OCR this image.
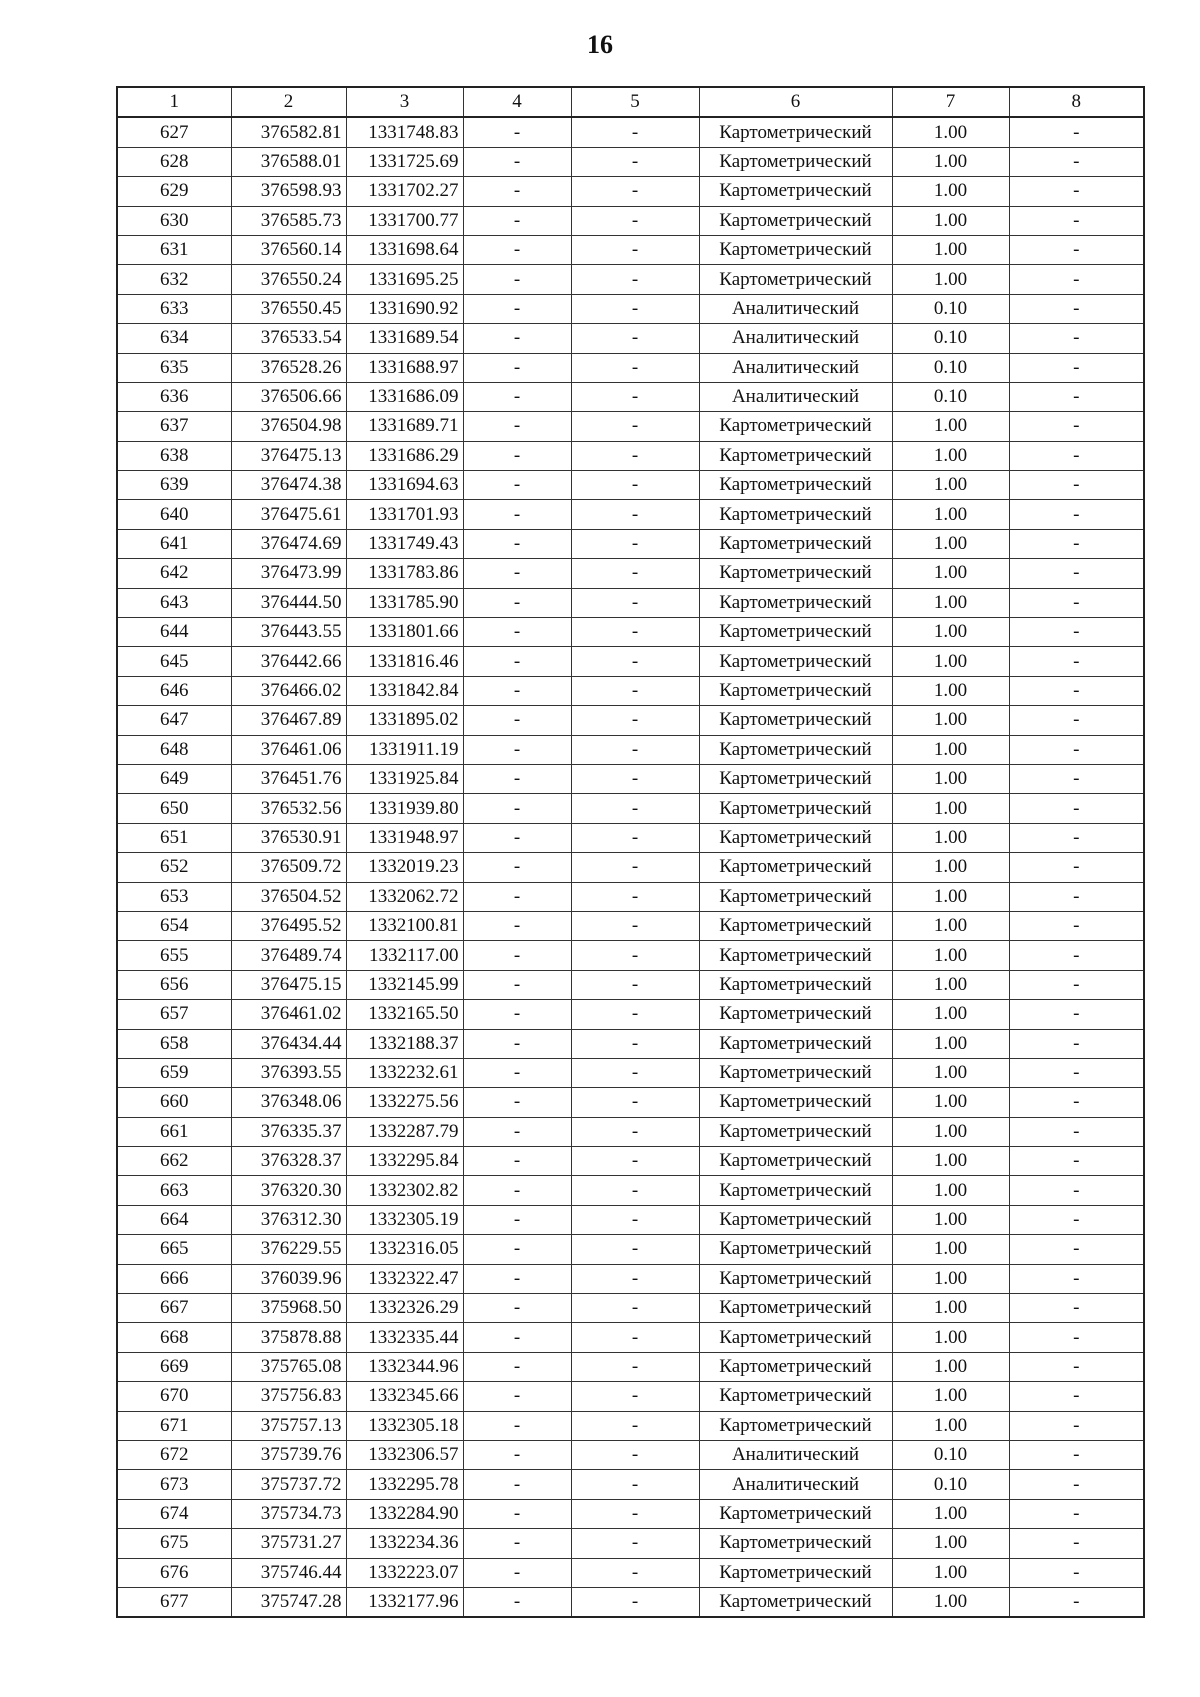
16
1	2	3	4	5	6	7	8
627	376582.81	1331748.83	-	-	Картометрический	1.00	-
628	376588.01	1331725.69	-	-	Картометрический	1.00	-
629	376598.93	1331702.27	-	-	Картометрический	1.00	-
630	376585.73	1331700.77	-	-	Картометрический	1.00	-
631	376560.14	1331698.64	-	-	Картометрический	1.00	-
632	376550.24	1331695.25	-	-	Картометрический	1.00	-
633	376550.45	1331690.92	-	-	Аналитический	0.10	-
634	376533.54	1331689.54	-	-	Аналитический	0.10	-
635	376528.26	1331688.97	-	-	Аналитический	0.10	-
636	376506.66	1331686.09	-	-	Аналитический	0.10	-
637	376504.98	1331689.71	-	-	Картометрический	1.00	-
638	376475.13	1331686.29	-	-	Картометрический	1.00	-
639	376474.38	1331694.63	-	-	Картометрический	1.00	-
640	376475.61	1331701.93	-	-	Картометрический	1.00	-
641	376474.69	1331749.43	-	-	Картометрический	1.00	-
642	376473.99	1331783.86	-	-	Картометрический	1.00	-
643	376444.50	1331785.90	-	-	Картометрический	1.00	-
644	376443.55	1331801.66	-	-	Картометрический	1.00	-
645	376442.66	1331816.46	-	-	Картометрический	1.00	-
646	376466.02	1331842.84	-	-	Картометрический	1.00	-
647	376467.89	1331895.02	-	-	Картометрический	1.00	-
648	376461.06	1331911.19	-	-	Картометрический	1.00	-
649	376451.76	1331925.84	-	-	Картометрический	1.00	-
650	376532.56	1331939.80	-	-	Картометрический	1.00	-
651	376530.91	1331948.97	-	-	Картометрический	1.00	-
652	376509.72	1332019.23	-	-	Картометрический	1.00	-
653	376504.52	1332062.72	-	-	Картометрический	1.00	-
654	376495.52	1332100.81	-	-	Картометрический	1.00	-
655	376489.74	1332117.00	-	-	Картометрический	1.00	-
656	376475.15	1332145.99	-	-	Картометрический	1.00	-
657	376461.02	1332165.50	-	-	Картометрический	1.00	-
658	376434.44	1332188.37	-	-	Картометрический	1.00	-
659	376393.55	1332232.61	-	-	Картометрический	1.00	-
660	376348.06	1332275.56	-	-	Картометрический	1.00	-
661	376335.37	1332287.79	-	-	Картометрический	1.00	-
662	376328.37	1332295.84	-	-	Картометрический	1.00	-
663	376320.30	1332302.82	-	-	Картометрический	1.00	-
664	376312.30	1332305.19	-	-	Картометрический	1.00	-
665	376229.55	1332316.05	-	-	Картометрический	1.00	-
666	376039.96	1332322.47	-	-	Картометрический	1.00	-
667	375968.50	1332326.29	-	-	Картометрический	1.00	-
668	375878.88	1332335.44	-	-	Картометрический	1.00	-
669	375765.08	1332344.96	-	-	Картометрический	1.00	-
670	375756.83	1332345.66	-	-	Картометрический	1.00	-
671	375757.13	1332305.18	-	-	Картометрический	1.00	-
672	375739.76	1332306.57	-	-	Аналитический	0.10	-
673	375737.72	1332295.78	-	-	Аналитический	0.10	-
674	375734.73	1332284.90	-	-	Картометрический	1.00	-
675	375731.27	1332234.36	-	-	Картометрический	1.00	-
676	375746.44	1332223.07	-	-	Картометрический	1.00	-
677	375747.28	1332177.96	-	-	Картометрический	1.00	-
